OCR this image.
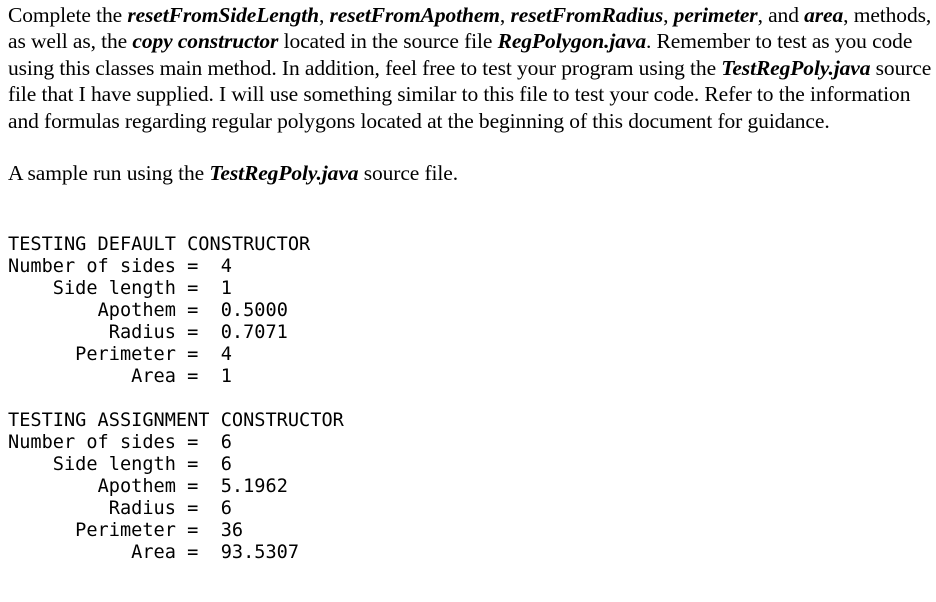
Complete the resetFromSideLength, resetFromApothem, resetFromRadius, perimeter, and area, methods, as well as, the copy constructor located in the source file RegPolygon.java. Remember to test as you code using this classes main method. In addition, feel free to test your program using the TestRegPoly.java source file that I have supplied. I will use something similar to this file to test your code. Refer to the information and formulas regarding regular polygons located at the beginning of this document for guidance.

A sample run using the TestRegPoly.java source file.

TESTING DEFAULT CONSTRUCTOR
Number of sides =  4
Side length =  1
Apothem =  0.5000
Radius =  0.7071
Perimeter =  4
Area =  1
TESTING ASSIGNMENT CONSTRUCTOR
Number of sides =  6
Side length =  6
Apothem =  5.1962
Radius =  6
Perimeter =  36
Area =  93.5307
